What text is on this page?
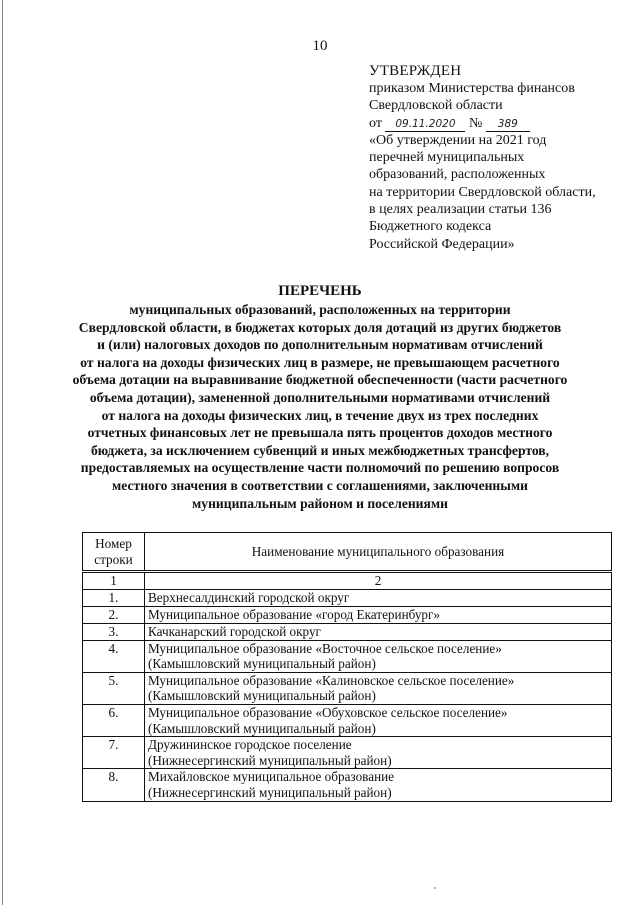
10
УТВЕРЖДЕН
приказом Министерства финансов
Свердловской области
от 09.11.2020 № 389
«Об утверждении на 2021 год
перечней муниципальных
образований, расположенных
на территории Свердловской области,
в целях реализации статьи 136
Бюджетного кодекса
Российской Федерации»
ПЕРЕЧЕНЬ
муниципальных образований, расположенных на территории
Свердловской области, в бюджетах которых доля дотаций из других бюджетов
и (или) налоговых доходов по дополнительным нормативам отчислений
от налога на доходы физических лиц в размере, не превышающем расчетного
объема дотации на выравнивание бюджетной обеспеченности (части расчетного
объема дотации), замененной дополнительными нормативами отчислений
от налога на доходы физических лиц, в течение двух из трех последних
отчетных финансовых лет не превышала пять процентов доходов местного
бюджета, за исключением субвенций и иных межбюджетных трансфертов,
предоставляемых на осуществление части полномочий по решению вопросов
местного значения в соответствии с соглашениями, заключенными
муниципальным районом и поселениями
Номер
строки	Наименование муниципального образования
1	2
1.	Верхнесалдинский городской округ
2.	Муниципальное образование «город Екатеринбург»
3.	Качканарский городской округ
4.	Муниципальное образование «Восточное сельское поселение»
(Камышловский муниципальный район)
5.	Муниципальное образование «Калиновское сельское поселение»
(Камышловский муниципальный район)
6.	Муниципальное образование «Обуховское сельское поселение»
(Камышловский муниципальный район)
7.	Дружининское городское поселение
(Нижнесергинский муниципальный район)
8.	Михайловское муниципальное образование
(Нижнесергинский муниципальный район)
